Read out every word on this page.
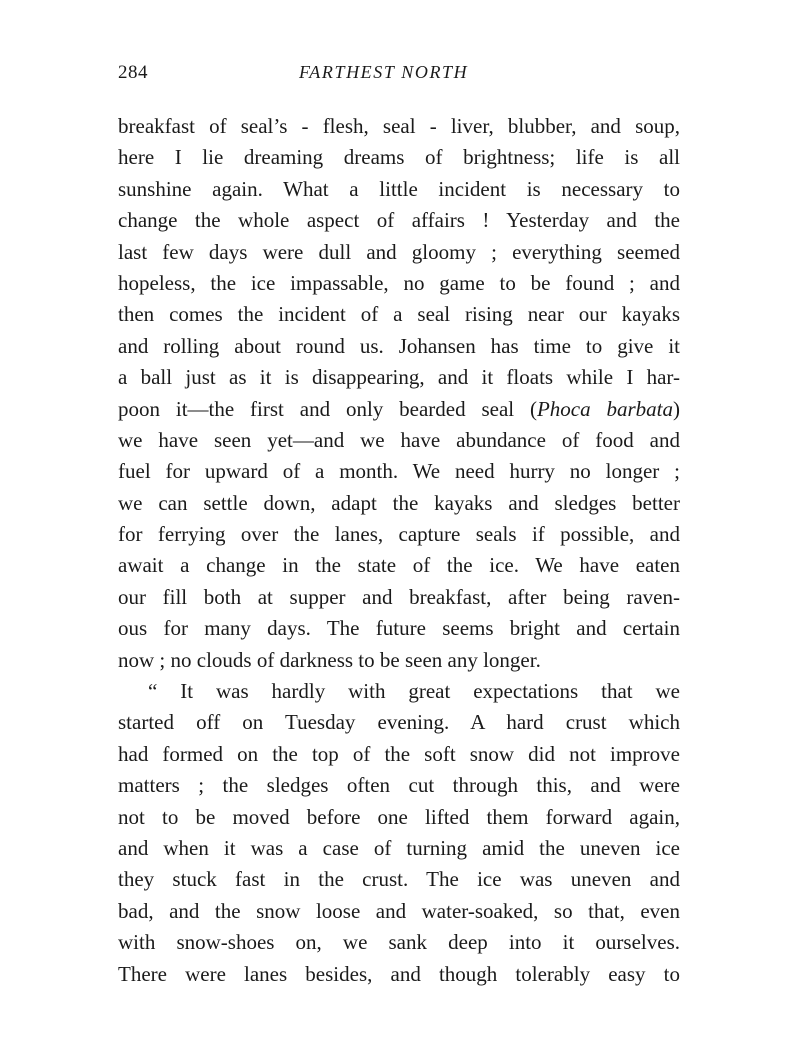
284	FARTHEST NORTH
breakfast of seal’s - flesh, seal - liver, blubber, and soup,
here I lie dreaming dreams of brightness; life is all
sunshine again. What a little incident is necessary to
change the whole aspect of affairs ! Yesterday and the
last few days were dull and gloomy ; everything seemed
hopeless, the ice impassable, no game to be found ; and
then comes the incident of a seal rising near our kayaks
and rolling about round us. Johansen has time to give it
a ball just as it is disappearing, and it floats while I har-
poon it—the first and only bearded seal (Phoca barbata)
we have seen yet—and we have abundance of food and
fuel for upward of a month. We need hurry no longer ;
we can settle down, adapt the kayaks and sledges better
for ferrying over the lanes, capture seals if possible, and
await a change in the state of the ice. We have eaten
our fill both at supper and breakfast, after being raven-
ous for many days. The future seems bright and certain
now ; no clouds of darkness to be seen any longer.
“ It was hardly with great expectations that we
started off on Tuesday evening. A hard crust which
had formed on the top of the soft snow did not improve
matters ; the sledges often cut through this, and were
not to be moved before one lifted them forward again,
and when it was a case of turning amid the uneven ice
they stuck fast in the crust. The ice was uneven and
bad, and the snow loose and water-soaked, so that, even
with snow-shoes on, we sank deep into it ourselves.
There were lanes besides, and though tolerably easy to
